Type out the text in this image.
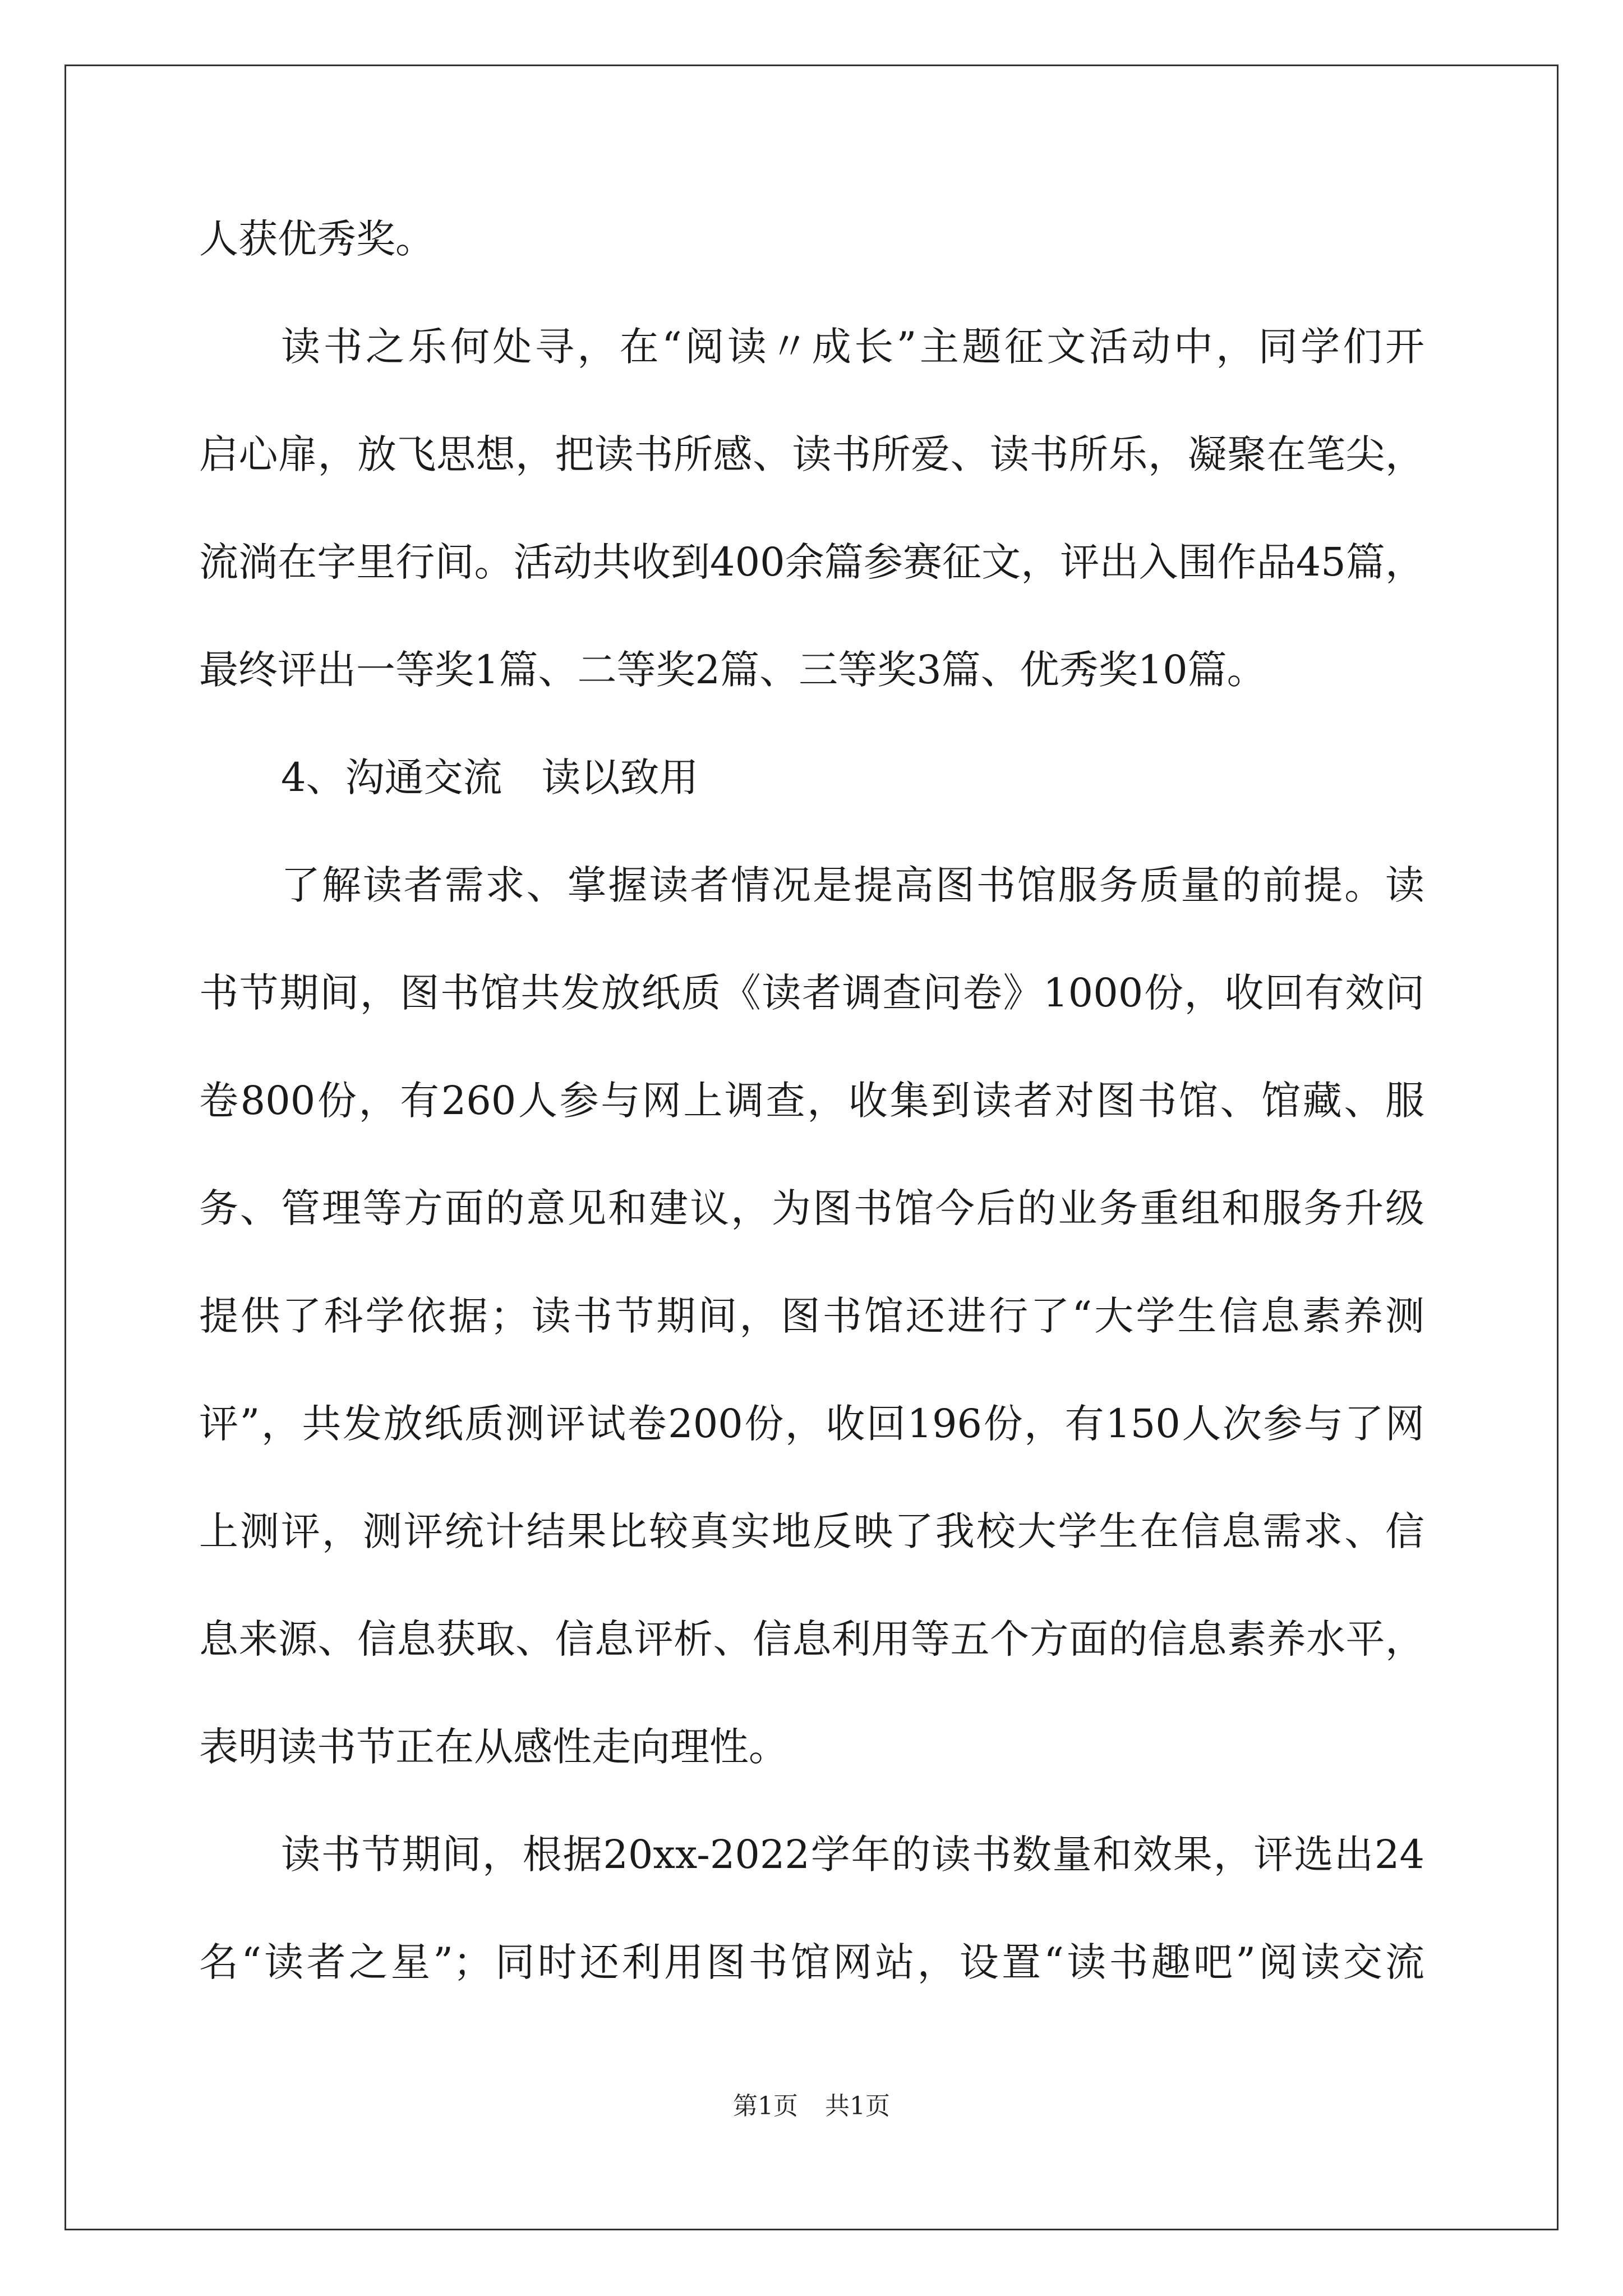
人获优秀奖。
读书之乐何处寻，在“阅读〃成长”主题征文活动中，同学们开
启心扉，放飞思想，把读书所感、读书所爱、读书所乐，凝聚在笔尖，
流淌在字里行间。活动共收到400余篇参赛征文，评出入围作品45篇，
最终评出一等奖1篇、二等奖2篇、三等奖3篇、优秀奖10篇。
4、沟通交流　读以致用
了解读者需求、掌握读者情况是提高图书馆服务质量的前提。读
书节期间，图书馆共发放纸质《读者调查问卷》1000份，收回有效问
卷800份，有260人参与网上调查，收集到读者对图书馆、馆藏、服
务、管理等方面的意见和建议，为图书馆今后的业务重组和服务升级
提供了科学依据；读书节期间，图书馆还进行了“大学生信息素养测
评”，共发放纸质测评试卷200份，收回196份，有150人次参与了网
上测评，测评统计结果比较真实地反映了我校大学生在信息需求、信
息来源、信息获取、信息评析、信息利用等五个方面的信息素养水平，
表明读书节正在从感性走向理性。
读书节期间，根据20xx-2022学年的读书数量和效果，评选出24
名“读者之星”；同时还利用图书馆网站，设置“读书趣吧”阅读交流
第1页 共1页
